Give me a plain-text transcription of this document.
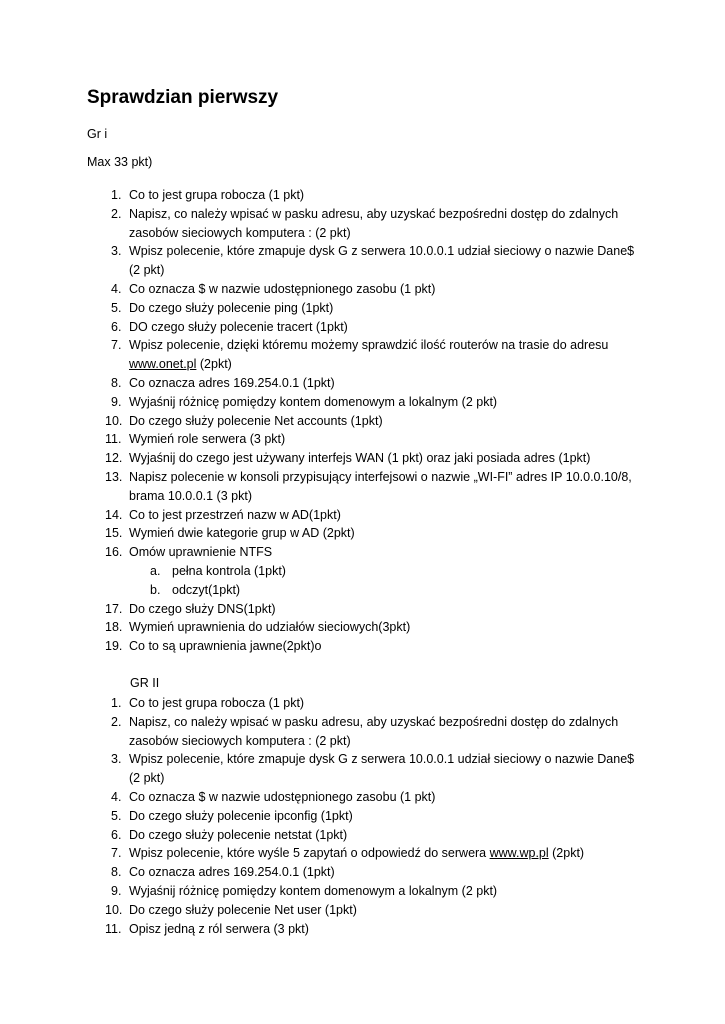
Sprawdzian pierwszy

Gr i

Max 33 pkt)

1. Co to jest grupa robocza (1 pkt)
2. Napisz, co należy wpisać w pasku adresu, aby uzyskać bezpośredni dostęp do zdalnych zasobów sieciowych komputera : (2 pkt)
3. Wpisz polecenie, które zmapuje dysk G z serwera 10.0.0.1 udział sieciowy o nazwie Dane$ (2 pkt)
4. Co oznacza $ w nazwie udostępnionego zasobu (1 pkt)
5. Do czego służy polecenie ping (1pkt)
6. DO czego służy polecenie tracert (1pkt)
7. Wpisz polecenie, dzięki któremu możemy sprawdzić ilość routerów na trasie do adresu www.onet.pl (2pkt)
8. Co oznacza adres 169.254.0.1 (1pkt)
9. Wyjaśnij różnicę pomiędzy kontem domenowym a lokalnym (2 pkt)
10. Do czego służy polecenie Net accounts (1pkt)
11. Wymień role serwera (3 pkt)
12. Wyjaśnij do czego jest używany interfejs WAN (1 pkt) oraz jaki posiada adres (1pkt)
13. Napisz polecenie w konsoli przypisujący interfejsowi o nazwie „WI-FI” adres IP 10.0.0.10/8, brama 10.0.0.1 (3 pkt)
14. Co to jest przestrzeń nazw w AD(1pkt)
15. Wymień dwie kategorie grup w AD (2pkt)
16. Omów uprawnienie NTFS
a. pełna kontrola (1pkt)
b. odczyt(1pkt)
17. Do czego służy DNS(1pkt)
18. Wymień uprawnienia do udziałów sieciowych(3pkt)
19. Co to są uprawnienia jawne(2pkt)o
GR II
1. Co to jest grupa robocza (1 pkt)
2. Napisz, co należy wpisać w pasku adresu, aby uzyskać bezpośredni dostęp do zdalnych zasobów sieciowych komputera : (2 pkt)
3. Wpisz polecenie, które zmapuje dysk G z serwera 10.0.0.1 udział sieciowy o nazwie Dane$ (2 pkt)
4. Co oznacza $ w nazwie udostępnionego zasobu (1 pkt)
5. Do czego służy polecenie ipconfig (1pkt)
6. Do czego służy polecenie netstat (1pkt)
7. Wpisz polecenie, które wyśle 5 zapytań o odpowiedź do serwera www.wp.pl (2pkt)
8. Co oznacza adres 169.254.0.1 (1pkt)
9. Wyjaśnij różnicę pomiędzy kontem domenowym a lokalnym (2 pkt)
10. Do czego służy polecenie Net user (1pkt)
11. Opisz jedną z ról serwera (3 pkt)
